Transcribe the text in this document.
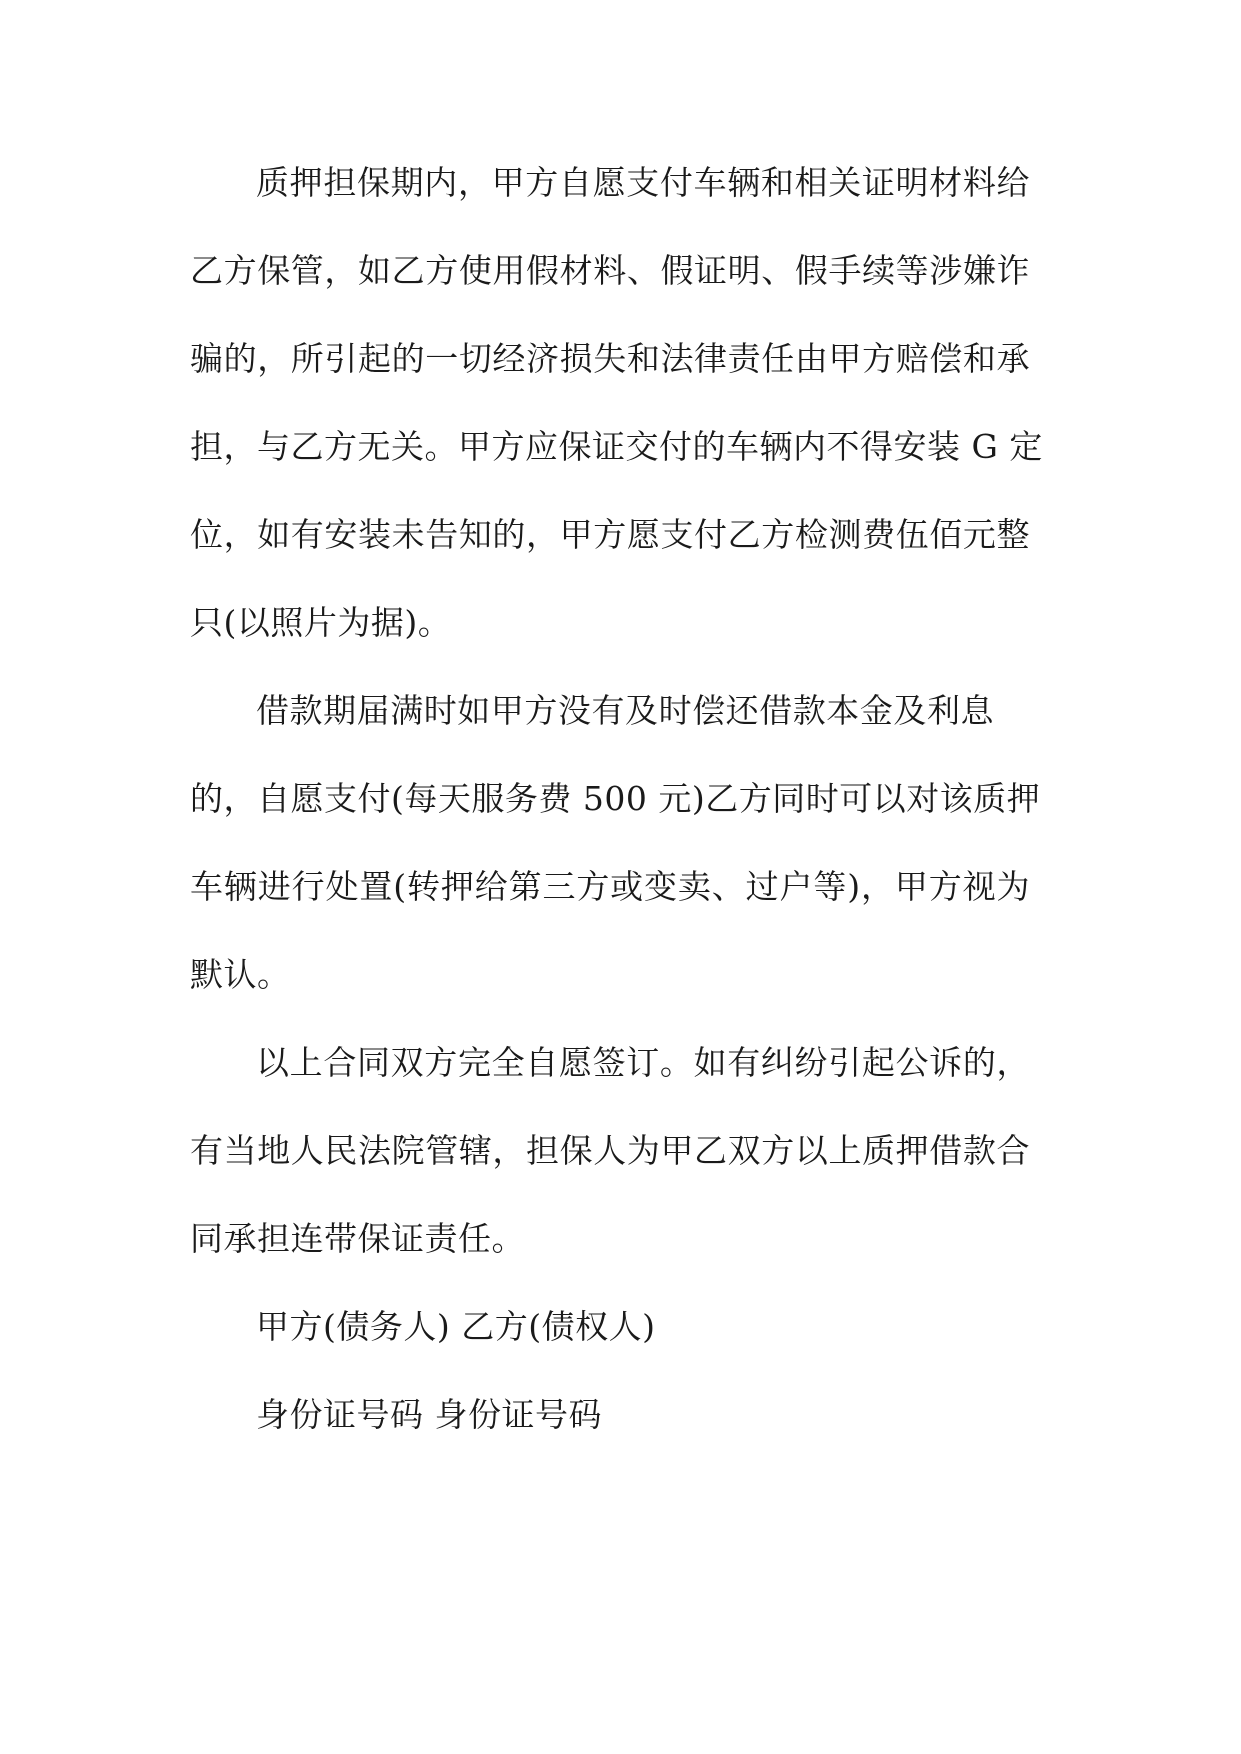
质押担保期内，甲方自愿支付车辆和相关证明材料给
乙方保管，如乙方使用假材料、假证明、假手续等涉嫌诈
骗的，所引起的一切经济损失和法律责任由甲方赔偿和承
担，与乙方无关。甲方应保证交付的车辆内不得安装 G 定
位，如有安装未告知的，甲方愿支付乙方检测费伍佰元整
只(以照片为据)。
借款期届满时如甲方没有及时偿还借款本金及利息
的，自愿支付(每天服务费 500 元)乙方同时可以对该质押
车辆进行处置(转押给第三方或变卖、过户等)，甲方视为
默认。
以上合同双方完全自愿签订。如有纠纷引起公诉的，
有当地人民法院管辖，担保人为甲乙双方以上质押借款合
同承担连带保证责任。
甲方(债务人) 乙方(债权人)
身份证号码 身份证号码
